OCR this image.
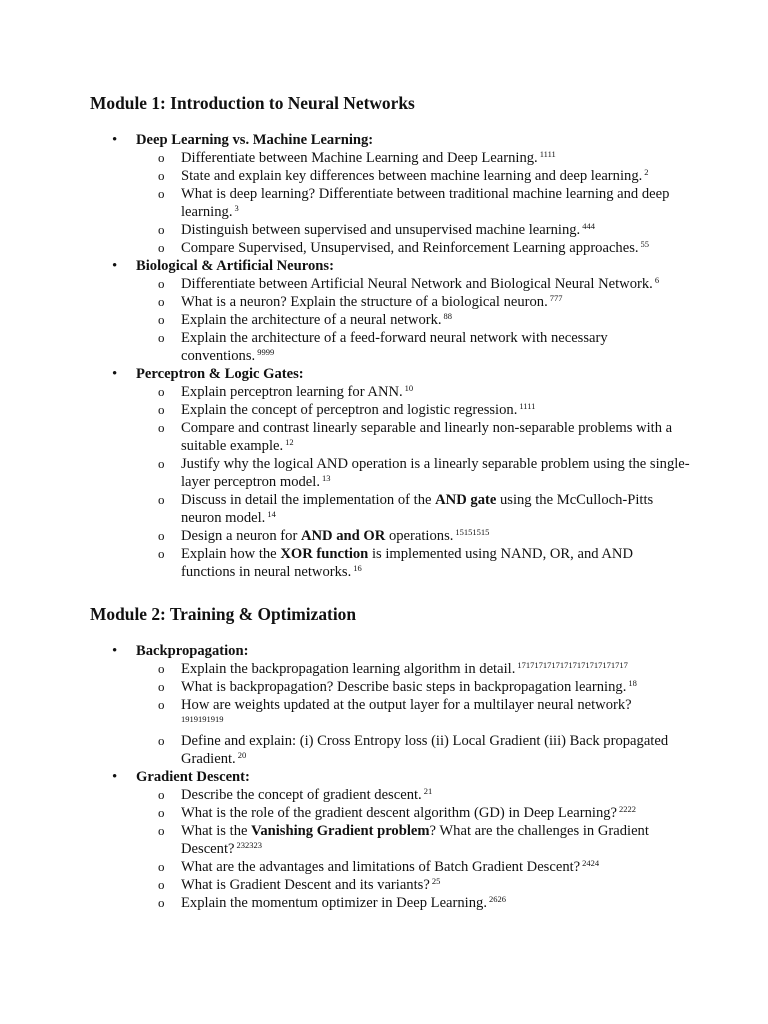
Module 1: Introduction to Neural Networks
• Deep Learning vs. Machine Learning:
o Differentiate between Machine Learning and Deep Learning. $^{1111}$
o State and explain key differences between machine learning and deep learning. $^2$
o What is deep learning? Differentiate between traditional machine learning and deep learning. $^3$
o Distinguish between supervised and unsupervised machine learning. $^{444}$
o Compare Supervised, Unsupervised, and Reinforcement Learning approaches. $^{55}$
• Biological & Artificial Neurons:
o Differentiate between Artificial Neural Network and Biological Neural Network. $^6$
o What is a neuron? Explain the structure of a biological neuron. $^{777}$
o Explain the architecture of a neural network. $^{88}$
o Explain the architecture of a feed-forward neural network with necessary conventions. $^{9999}$
• Perceptron & Logic Gates:
o Explain perceptron learning for ANN. $^{10}$
o Explain the concept of perceptron and logistic regression. $^{1111}$
o Compare and contrast linearly separable and linearly non-separable problems with a suitable example. $^{12}$
o Justify why the logical AND operation is a linearly separable problem using the single-layer perceptron model. $^{13}$
o Discuss in detail the implementation of the AND gate using the McCulloch-Pitts neuron model. $^{14}$
o Design a neuron for AND and OR operations. $^{15151515}$
o Explain how the XOR function is implemented using NAND, OR, and AND functions in neural networks. $^{16}$
Module 2: Training & Optimization
• Backpropagation:
o Explain the backpropagation learning algorithm in detail. $^{17171717171717171717171717}$
o What is backpropagation? Describe basic steps in backpropagation learning. $^{18}$
o How are weights updated at the output layer for a multilayer neural network?
1919191919
o Define and explain: (i) Cross Entropy loss (ii) Local Gradient (iii) Back propagated Gradient. $^{20}$
• Gradient Descent:
o Describe the concept of gradient descent. $^{21}$
o What is the role of the gradient descent algorithm (GD) in Deep Learning? $^{2222}$
o What is the Vanishing Gradient problem? What are the challenges in Gradient Descent? $^{232323}$
o What are the advantages and limitations of Batch Gradient Descent? $^{2424}$
o What is Gradient Descent and its variants? $^{25}$
o Explain the momentum optimizer in Deep Learning. $^{2626}$
